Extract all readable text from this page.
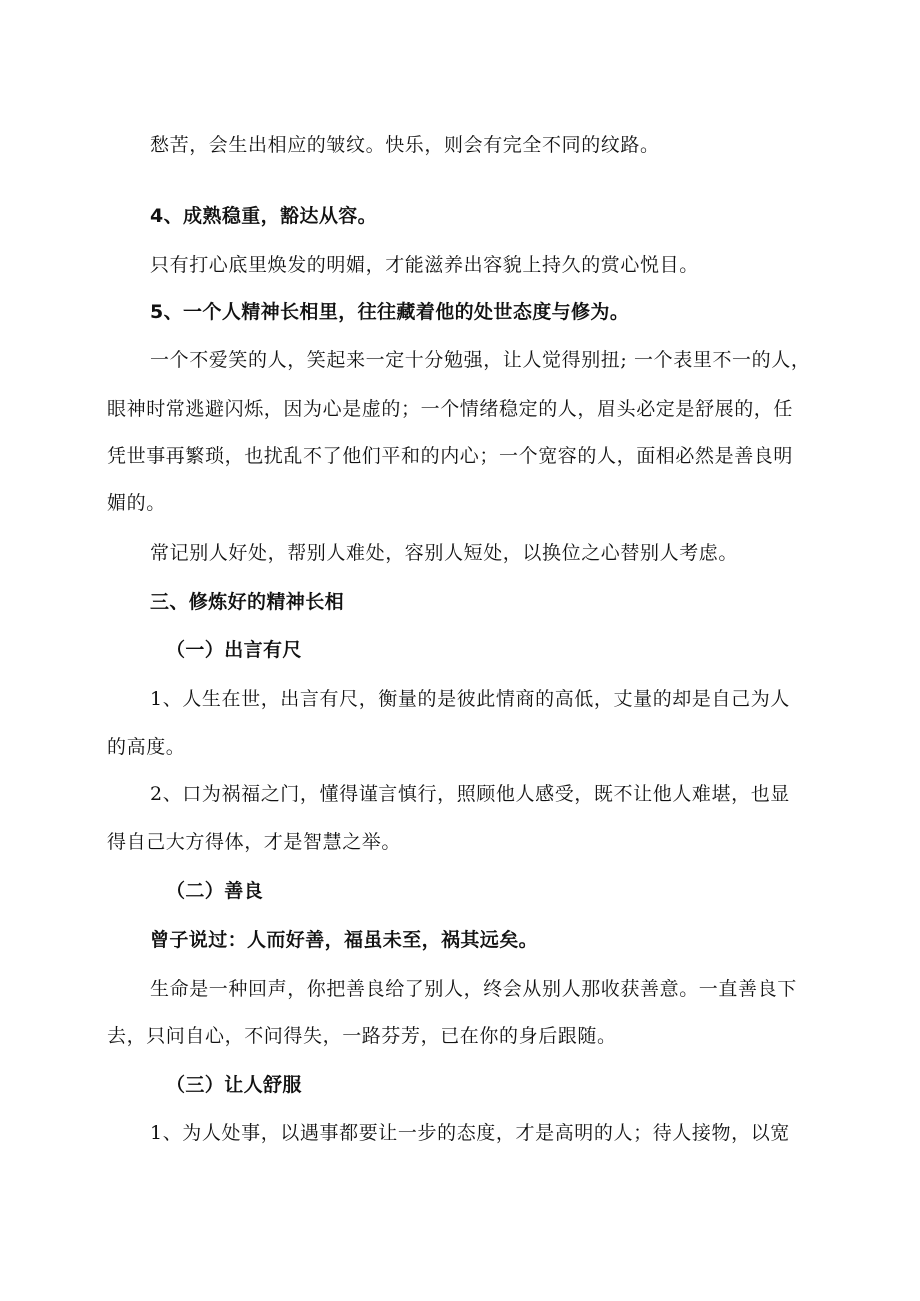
愁苦，会生出相应的皱纹。快乐，则会有完全不同的纹路。
4、成熟稳重，豁达从容。
只有打心底里焕发的明媚，才能滋养出容貌上持久的赏心悦目。
5、一个人精神长相里，往往藏着他的处世态度与修为。
一个不爱笑的人，笑起来一定十分勉强，让人觉得别扭; 一个表里不一的人，
眼神时常逃避闪烁，因为心是虚的；一个情绪稳定的人，眉头必定是舒展的，任
凭世事再繁琐，也扰乱不了他们平和的内心；一个宽容的人，面相必然是善良明
媚的。
常记别人好处，帮别人难处，容别人短处，以换位之心替别人考虑。
三、修炼好的精神长相
（一）出言有尺
1、人生在世，出言有尺，衡量的是彼此情商的高低，丈量的却是自己为人
的高度。
2、口为祸福之门，懂得谨言慎行，照顾他人感受，既不让他人难堪，也显
得自己大方得体，才是智慧之举。
（二）善良
曾子说过：人而好善，福虽未至，祸其远矣。
生命是一种回声，你把善良给了别人，终会从别人那收获善意。一直善良下
去，只问自心，不问得失，一路芬芳，已在你的身后跟随。
（三）让人舒服
1、为人处事，以遇事都要让一步的态度，才是高明的人；待人接物，以宽
